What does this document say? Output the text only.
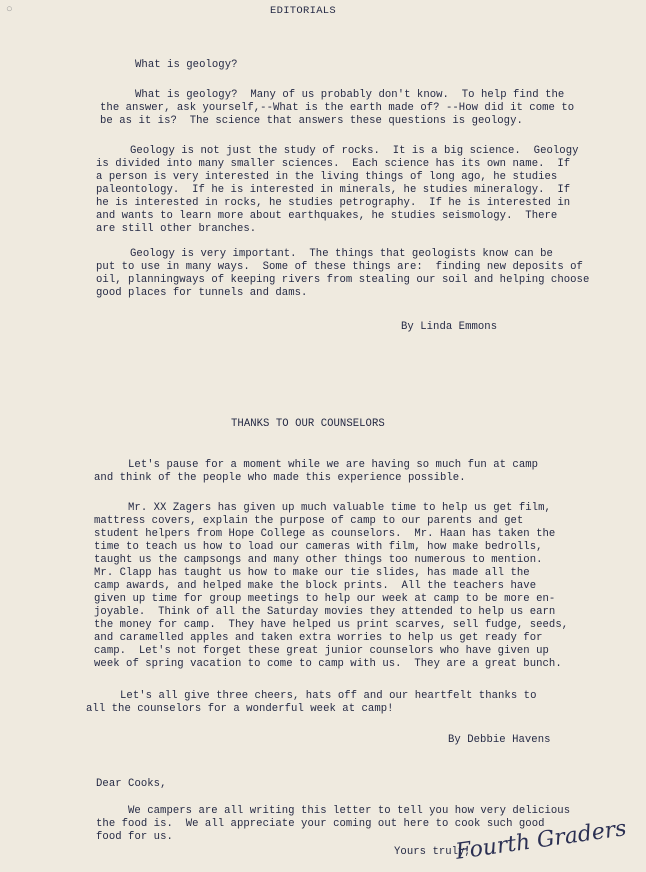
○	EDITORIALS
What is geology?
What is geology?  Many of us probably don't know.  To help find the
the answer, ask yourself,--What is the earth made of? --How did it come to
be as it is?  The science that answers these questions is geology.
Geology is not just the study of rocks.  It is a big science.  Geology
is divided into many smaller sciences.  Each science has its own name.  If
a person is very interested in the living things of long ago, he studies
paleontology.  If he is interested in minerals, he studies mineralogy.  If
he is interested in rocks, he studies petrography.  If he is interested in
and wants to learn more about earthquakes, he studies seismology.  There
are still other branches.
Geology is very important.  The things that geologists know can be
put to use in many ways.  Some of these things are:  finding new deposits of
oil, planningways of keeping rivers from stealing our soil and helping choose
good places for tunnels and dams.
By Linda Emmons
THANKS TO OUR COUNSELORS
Let's pause for a moment while we are having so much fun at camp
and think of the people who made this experience possible.
Mr. XX Zagers has given up much valuable time to help us get film,
mattress covers, explain the purpose of camp to our parents and get
student helpers from Hope College as counselors.  Mr. Haan has taken the
time to teach us how to load our cameras with film, how make bedrolls,
taught us the campsongs and many other things too numerous to mention.
Mr. Clapp has taught us how to make our tie slides, has made all the
camp awards, and helped make the block prints.  All the teachers have
given up time for group meetings to help our week at camp to be more en-
joyable.  Think of all the Saturday movies they attended to help us earn
the money for camp.  They have helped us print scarves, sell fudge, seeds,
and caramelled apples and taken extra worries to help us get ready for
camp.  Let's not forget these great junior counselors who have given up
week of spring vacation to come to camp with us.  They are a great bunch.
Let's all give three cheers, hats off and our heartfelt thanks to
all the counselors for a wonderful week at camp!
By Debbie Havens
Dear Cooks,
We campers are all writing this letter to tell you how very delicious
the food is.  We all appreciate your coming out here to cook such good
food for us.
Yours truly,
Fourth Graders
